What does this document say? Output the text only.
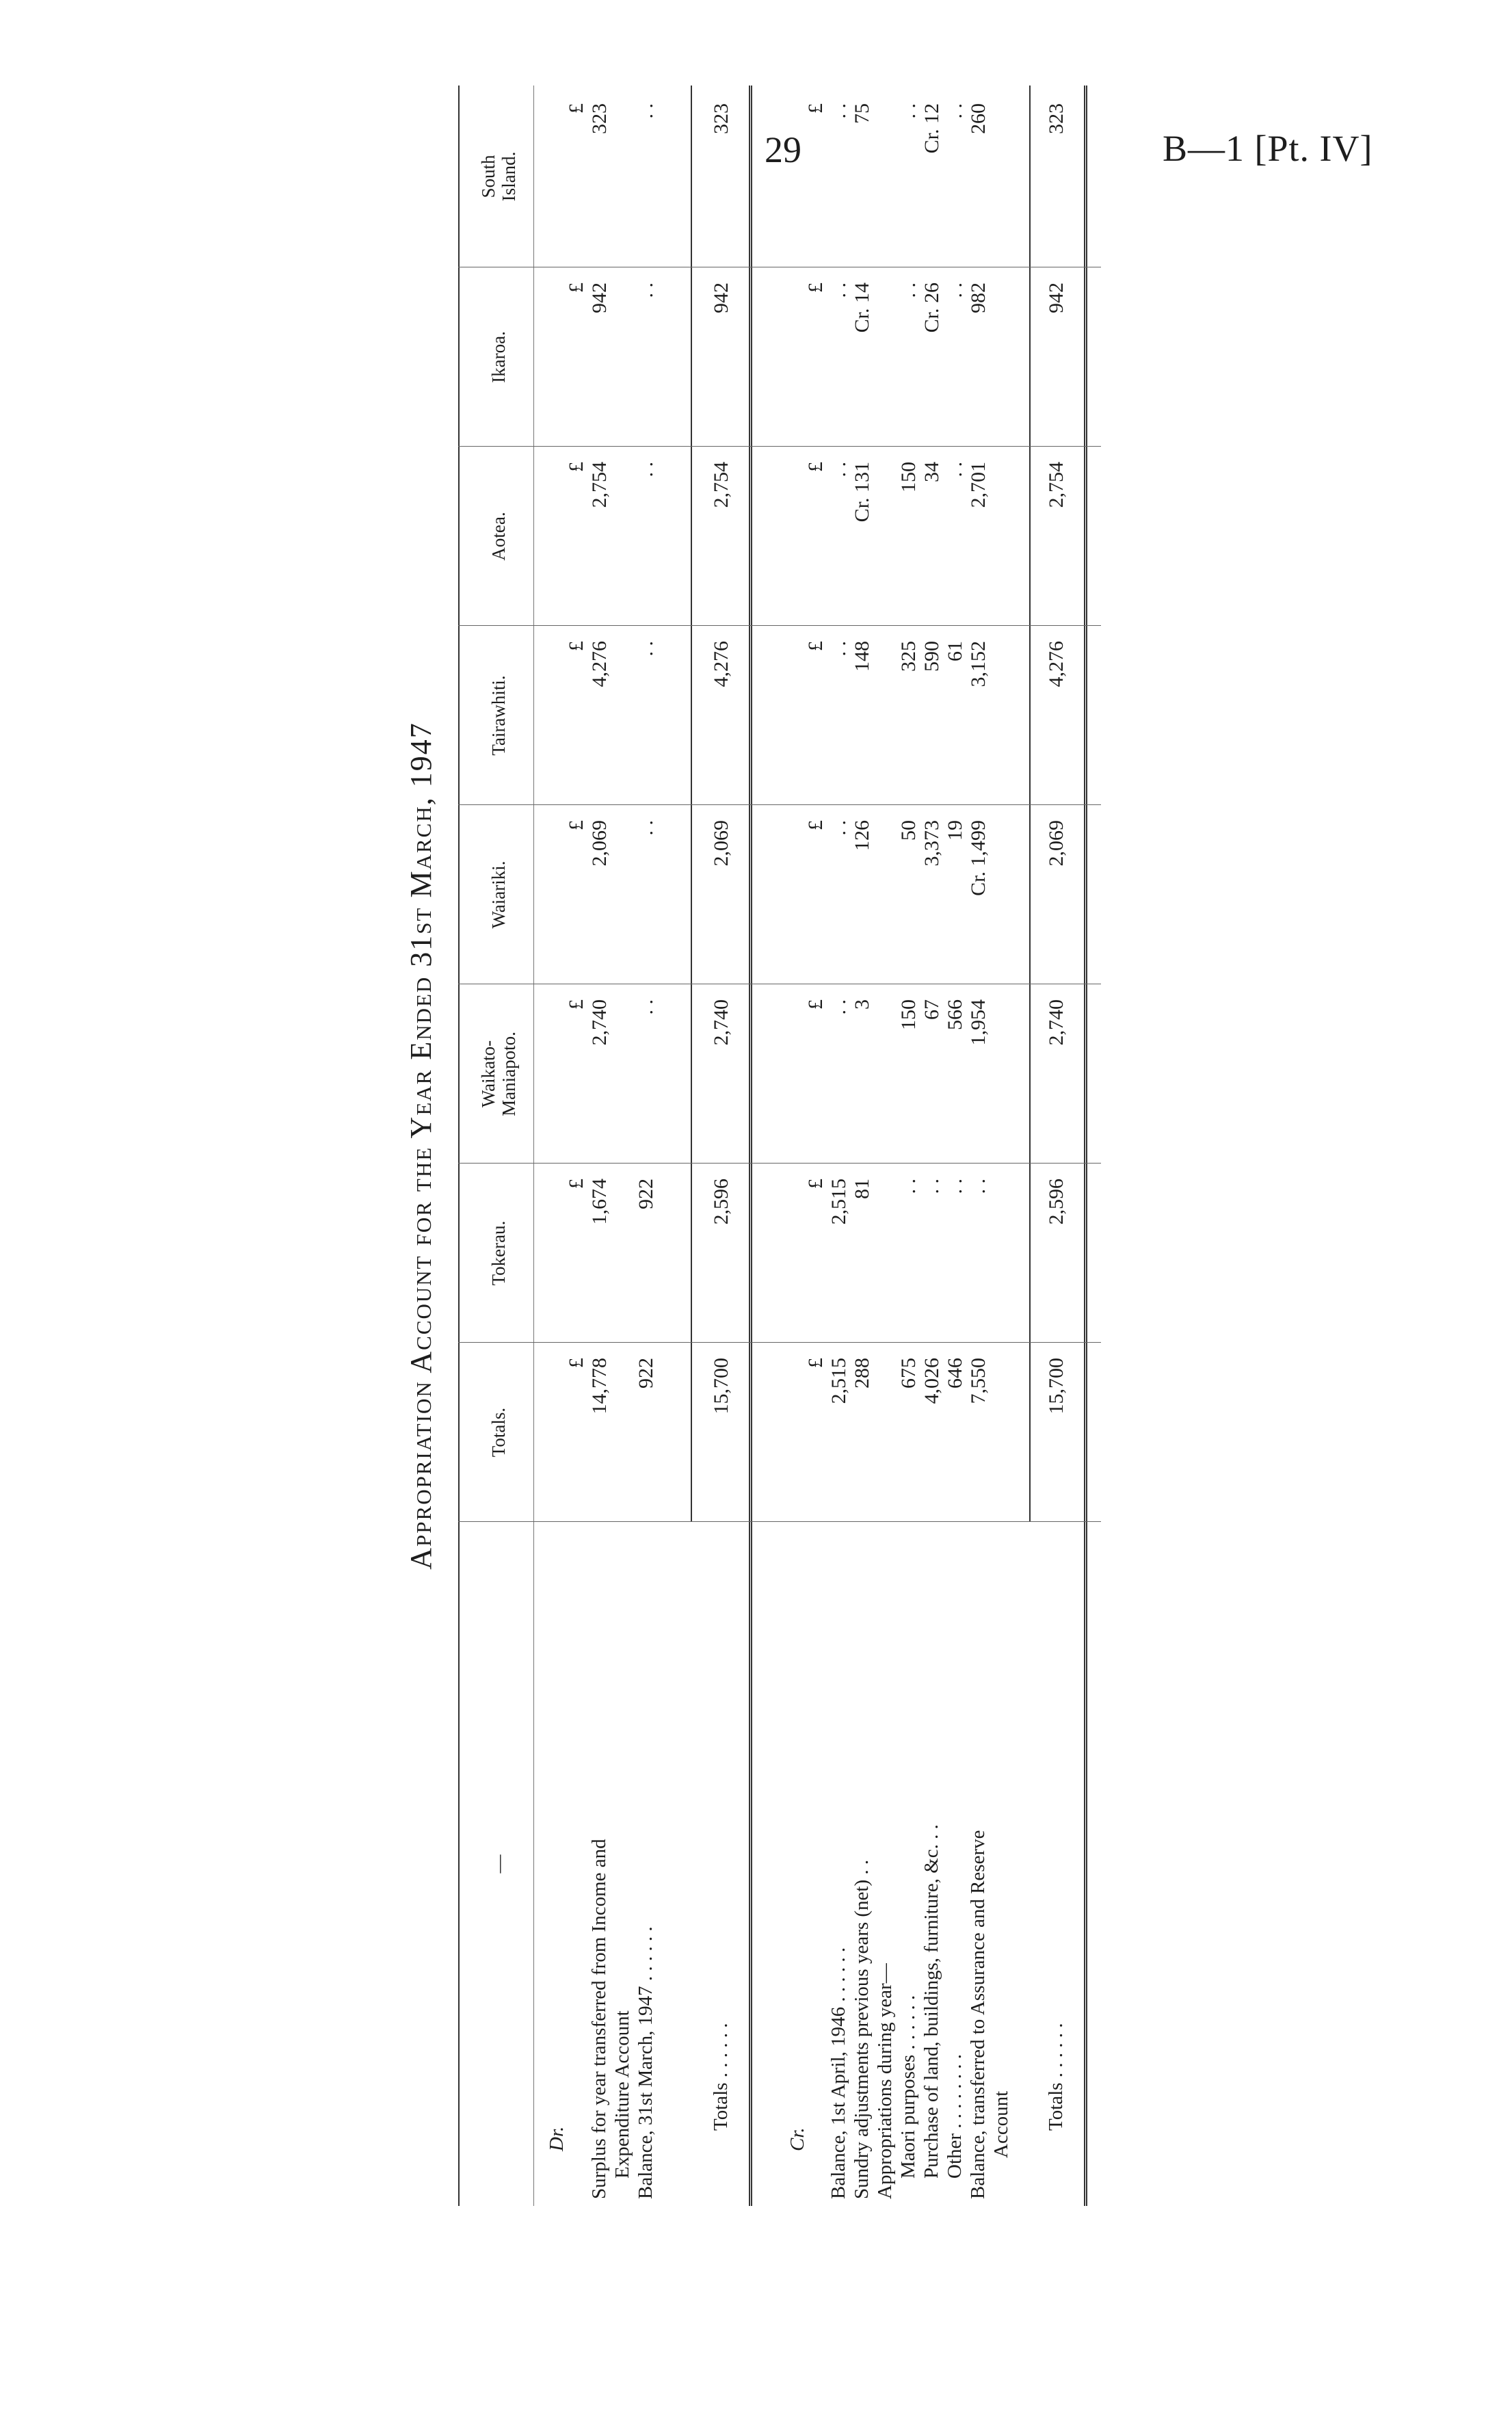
29	B—1 [Pt. IV]
Appropriation Account for the Year Ended 31st March, 1947
—
Totals.
Tokerau.
Waikato-
Maniapoto.
Waiariki.
Tairawhiti.
Aotea.
Ikaroa.
South
Island.
Dr. Surplus for year transferred from Income and Expenditure Account Balance, 31st March, 1947 . . . . . .	Totals . . . . . .
Cr. Balance, 1st April, 1946 . . . . . . Sundry adjustments previous years (net) . . Appropriations during year— Maori purposes . . . . . . Purchase of land, buildings, furniture, &c. . . Other . . . . . . . . Balance, transferred to Assurance and Reserve Account Totals . . . . . .
£
£
£
£
£
£
£
£
14,778
1,674
2,740
2,069
4,276
2,754
942
323
922
922
. .
. .
. .
. .
. .
. .
15,700
2,596
2,740
2,069
4,276
2,754
942
323
£
£
£
£
£
£
£
£
2,515
2,515
. .
. .
. .
. .
. .
. .
288
81
3
126
148
Cr. 131
Cr. 14
75
675
. .
150
50
325
150
. .
. .
4,026
. .
67
3,373
590
34
Cr. 26
Cr. 12
646
. .
566
19
61
. .
. .
. .
7,550
. .
1,954
Cr. 1,499
3,152
2,701
982
260
15,700
2,596
2,740
2,069
4,276
2,754
942
323
